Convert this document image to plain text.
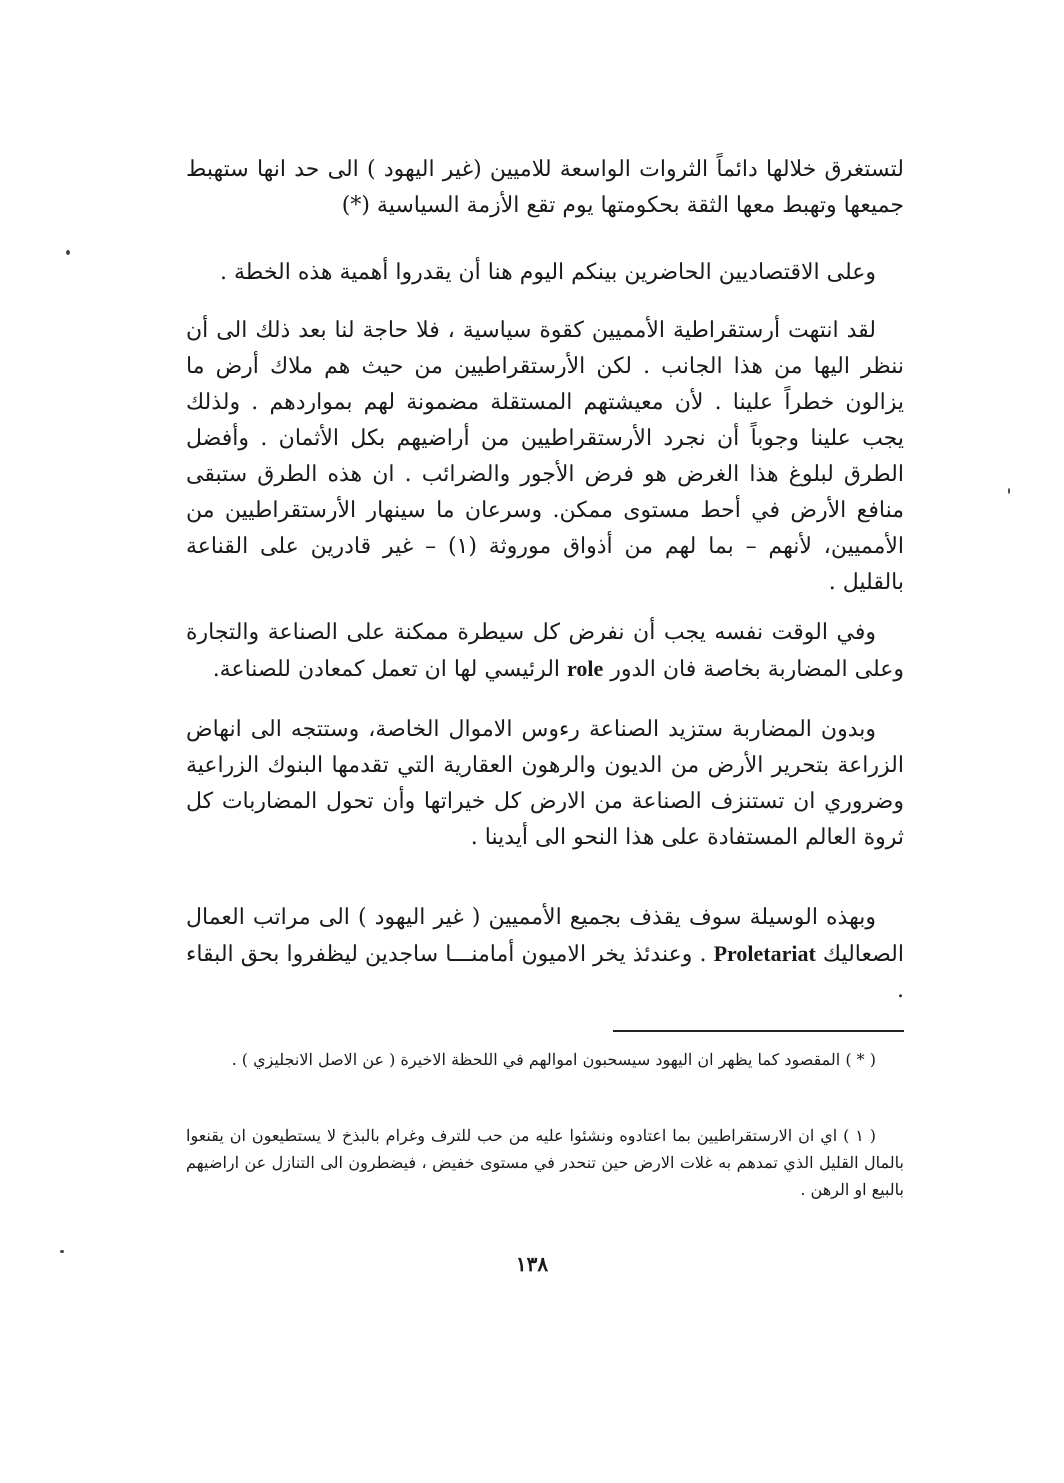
لتستغرق خلالها دائماً الثروات الواسعة للاميين (غير اليهود ) الى حد انها ستهبط جميعها وتهبط معها الثقة بحكومتها يوم تقع الأزمة السياسية (*)

وعلى الاقتصاديين الحاضرين بينكم اليوم هنا أن يقدروا أهمية هذه الخطة .

لقد انتهت أرستقراطية الأمميين كقوة سياسية ، فلا حاجة لنا بعد ذلك الى أن ننظر اليها من هذا الجانب . لكن الأرستقراطيين من حيث هم ملاك أرض ما يزالون خطراً علينا . لأن معيشتهم المستقلة مضمونة لهم بمواردهم . ولذلك يجب علينا وجوباً أن نجرد الأرستقراطيين من أراضيهم بكل الأثمان . وأفضل الطرق لبلوغ هذا الغرض هو فرض الأجور والضرائب . ان هذه الطرق ستبقى منافع الأرض في أحط مستوى ممكن. وسرعان ما سينهار الأرستقراطيين من الأمميين، لأنهم – بما لهم من أذواق موروثة (١) – غير قادرين على القناعة بالقليل .

وفي الوقت نفسه يجب أن نفرض كل سيطرة ممكنة على الصناعة والتجارة وعلى المضاربة بخاصة فان الدور role الرئيسي لها ان تعمل كمعادن للصناعة.

وبدون المضاربة ستزيد الصناعة رءوس الاموال الخاصة، وستتجه الى انهاض الزراعة بتحرير الأرض من الديون والرهون العقارية التي تقدمها البنوك الزراعية وضروري ان تستنزف الصناعة من الارض كل خيراتها وأن تحول المضاربات كل ثروة العالم المستفادة على هذا النحو الى أيدينا .

وبهذه الوسيلة سوف يقذف بجميع الأمميين ( غير اليهود ) الى مراتب العمال الصعاليك Proletariat . وعندئذ يخر الاميون أمامنـــا ساجدين ليظفروا بحق البقاء .

( * ) المقصود كما يظهر ان اليهود سيسحبون اموالهم في اللحظة الاخيرة ( عن الاصل الانجليزي ) .

( ١ ) اي ان الارستقراطيين بما اعتادوه ونشئوا عليه من حب للترف وغرام بالبذخ لا يستطيعون ان يقنعوا بالمال القليل الذي تمدهم به غلات الارض حين تنحدر في مستوى خفيض ، فيضطرون الى التنازل عن اراضيهم بالبيع او الرهن .

١٣٨
